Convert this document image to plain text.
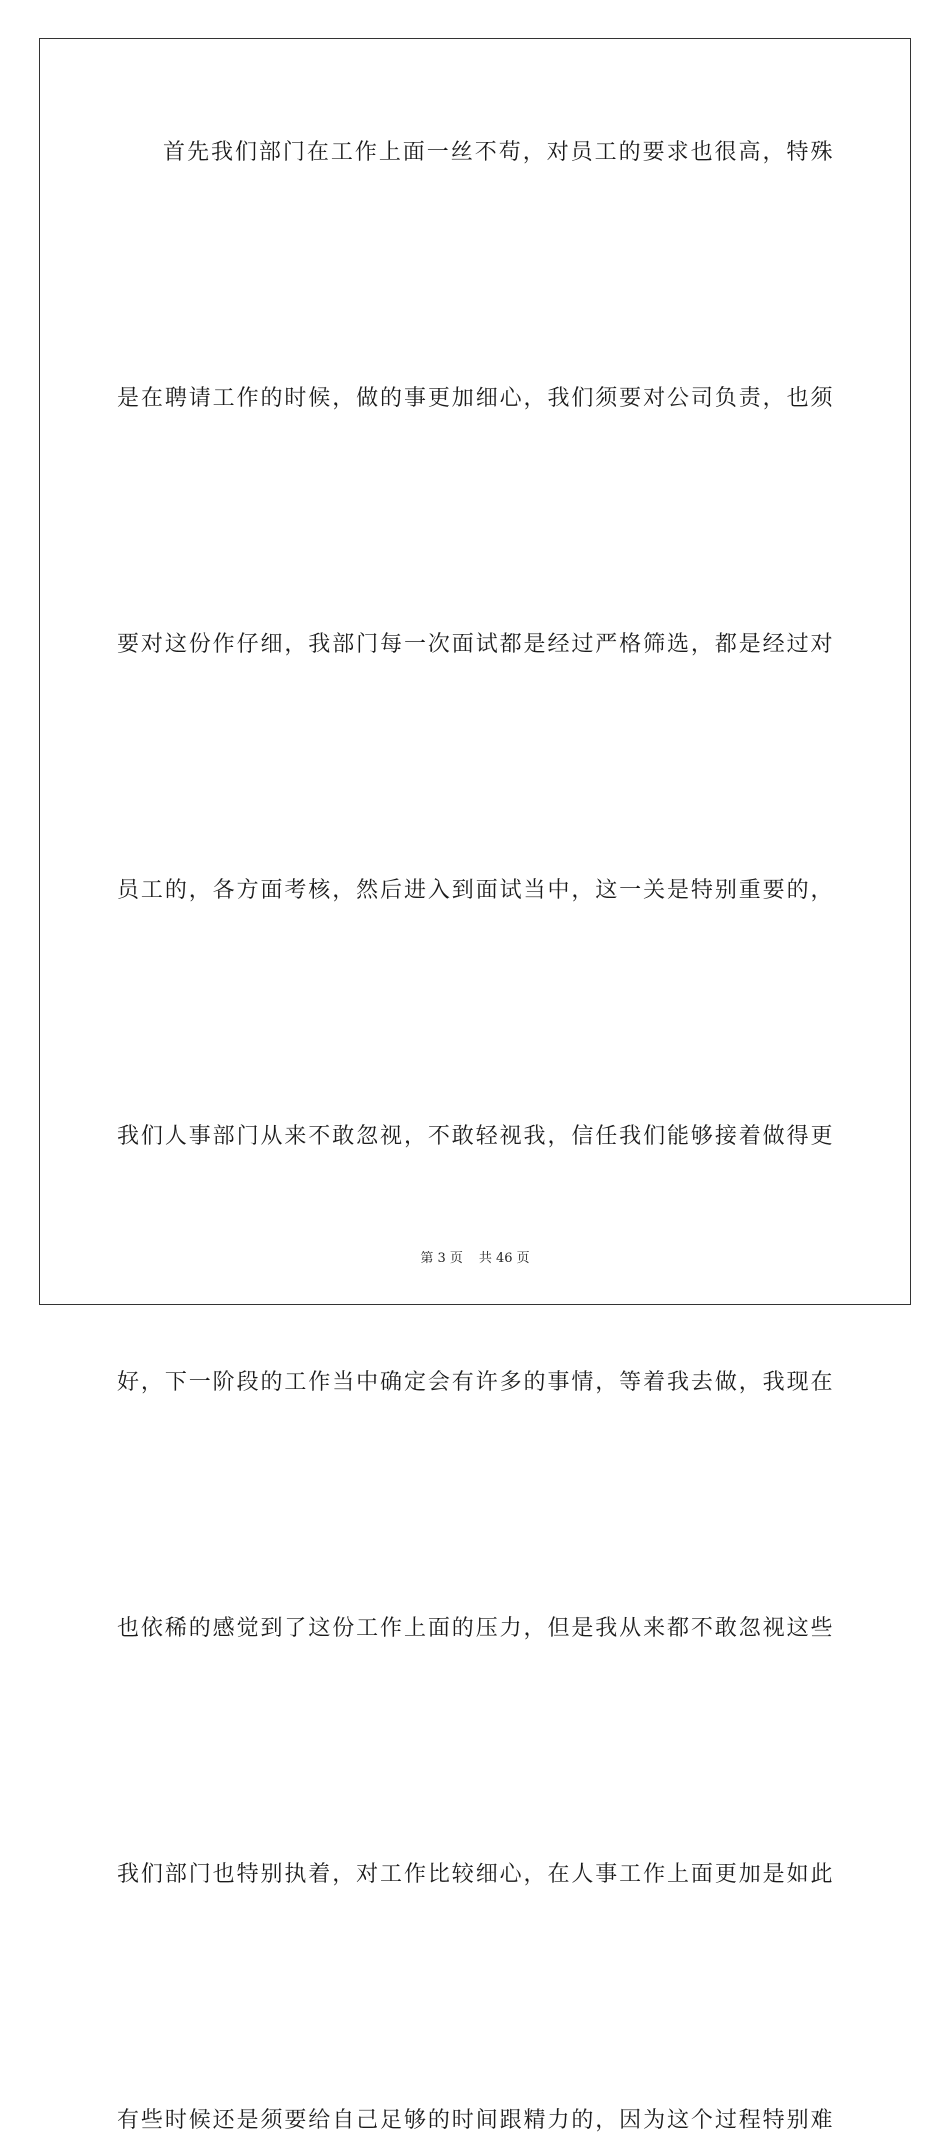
首先我们部门在工作上面一丝不苟，对员工的要求也很高，特殊
是在聘请工作的时候，做的事更加细心，我们须要对公司负责，也须
要对这份作仔细，我部门每一次面试都是经过严格筛选，都是经过对
员工的，各方面考核，然后进入到面试当中，这一关是特别重要的，
我们人事部门从来不敢忽视，不敢轻视我，信任我们能够接着做得更
好，下一阶段的工作当中确定会有许多的事情，等着我去做，我现在
也依稀的感觉到了这份工作上面的压力，但是我从来都不敢忽视这些
我们部门也特别执着，对工作比较细心，在人事工作上面更加是如此
有些时候还是须要给自己足够的时间跟精力的，因为这个过程特别难
第 3 页 共 46 页
